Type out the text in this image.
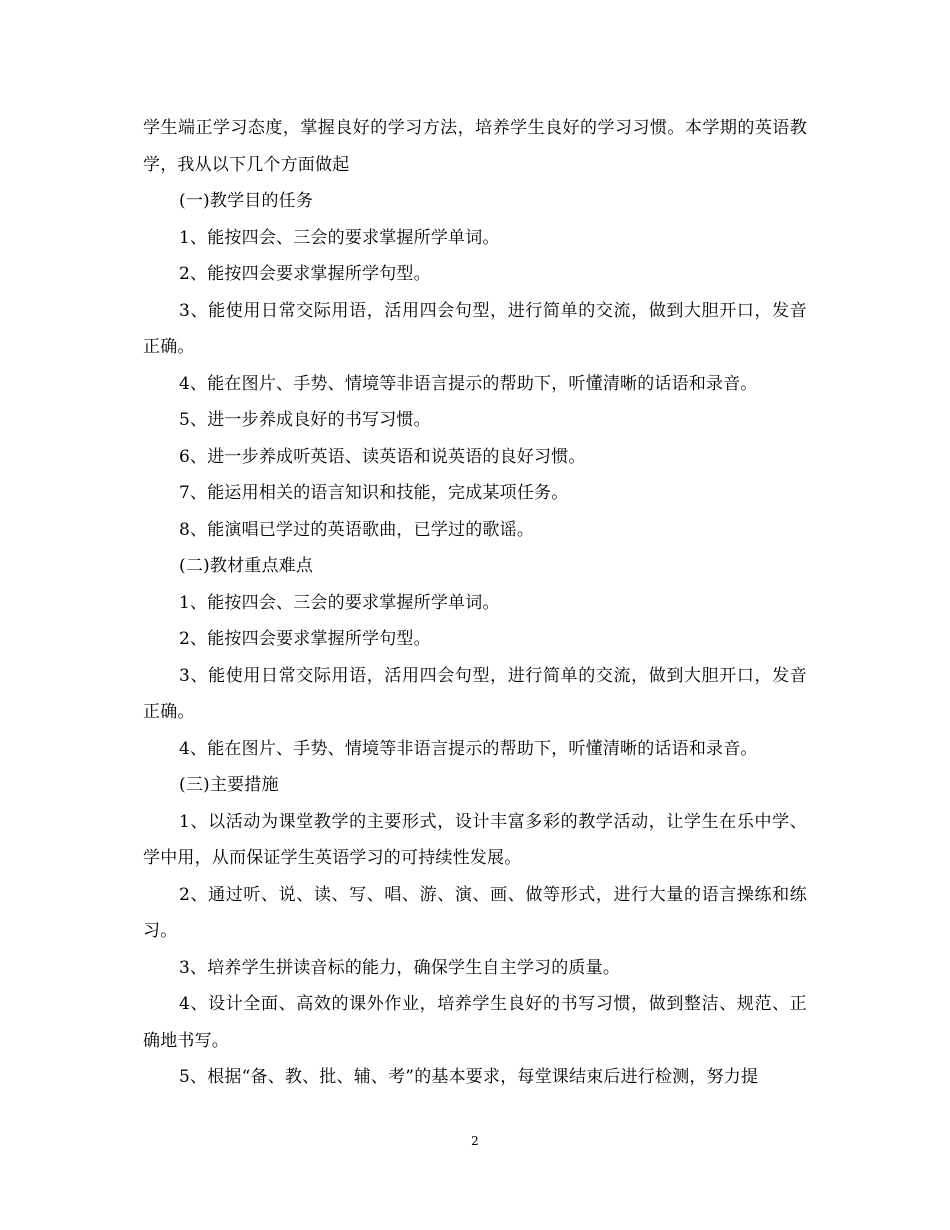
学生端正学习态度，掌握良好的学习方法，培养学生良好的学习习惯。本学期的英语教学，我从以下几个方面做起

(一)教学目的任务

1、能按四会、三会的要求掌握所学单词。

2、能按四会要求掌握所学句型。

3、能使用日常交际用语，活用四会句型，进行简单的交流，做到大胆开口，发音正确。

4、能在图片、手势、情境等非语言提示的帮助下，听懂清晰的话语和录音。

5、进一步养成良好的书写习惯。

6、进一步养成听英语、读英语和说英语的良好习惯。

7、能运用相关的语言知识和技能，完成某项任务。

8、能演唱已学过的英语歌曲，已学过的歌谣。

(二)教材重点难点

1、能按四会、三会的要求掌握所学单词。

2、能按四会要求掌握所学句型。

3、能使用日常交际用语，活用四会句型，进行简单的交流，做到大胆开口，发音正确。

4、能在图片、手势、情境等非语言提示的帮助下，听懂清晰的话语和录音。

(三)主要措施

1、以活动为课堂教学的主要形式，设计丰富多彩的教学活动，让学生在乐中学、学中用，从而保证学生英语学习的可持续性发展。

2、通过听、说、读、写、唱、游、演、画、做等形式，进行大量的语言操练和练习。

3、培养学生拼读音标的能力，确保学生自主学习的质量。

4、设计全面、高效的课外作业，培养学生良好的书写习惯，做到整洁、规范、正确地书写。

5、根据“备、教、批、辅、考”的基本要求，每堂课结束后进行检测，努力提

2
